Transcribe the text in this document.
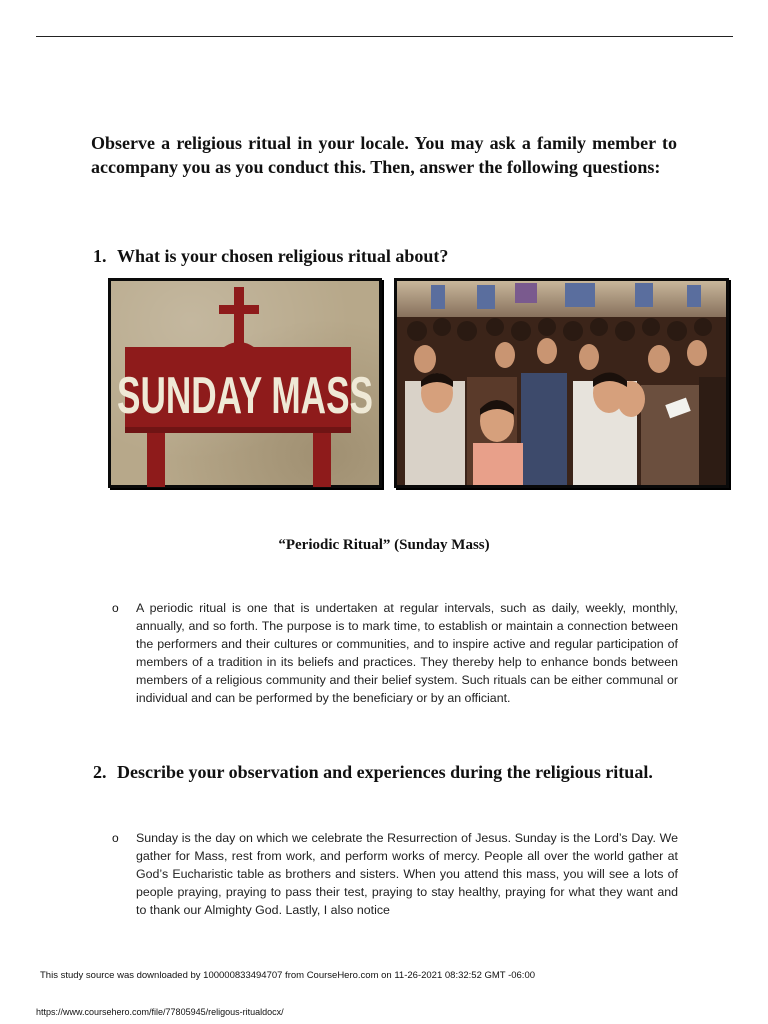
Observe a religious ritual in your locale. You may ask a family member to accompany you as you conduct this. Then, answer the following questions:

1. What is your chosen religious ritual about?
SUNDAY MASS

“Periodic Ritual” (Sunday Mass)

o A periodic ritual is one that is undertaken at regular intervals, such as daily, weekly, monthly, annually, and so forth. The purpose is to mark time, to establish or maintain a connection between the performers and their cultures or communities, and to inspire active and regular participation of members of a tradition in its beliefs and practices. They thereby help to enhance bonds between members of a religious community and their belief system. Such rituals can be either communal or individual and can be performed by the beneficiary or by an officiant.

2. Describe your observation and experiences during the religious ritual.
o Sunday is the day on which we celebrate the Resurrection of Jesus. Sunday is the Lord’s Day. We gather for Mass, rest from work, and perform works of mercy. People all over the world gather at God’s Eucharistic table as brothers and sisters. When you attend this mass, you will see a lots of people praying, praying to pass their test, praying to stay healthy, praying for what they want and to thank our Almighty God. Lastly, I also notice

This study source was downloaded by 100000833494707 from CourseHero.com on 11-26-2021 08:32:52 GMT -06:00

https://www.coursehero.com/file/77805945/religous-ritualdocx/
